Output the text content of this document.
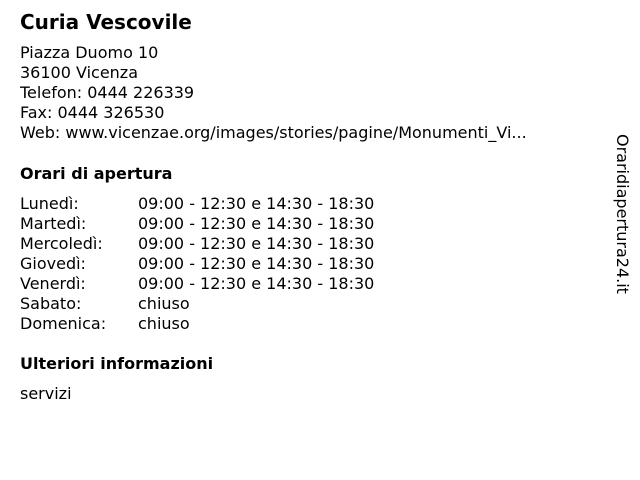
Curia Vescovile
Piazza Duomo 10
36100 Vicenza
Telefon: 0444 226339
Fax: 0444 326530
Web: www.vicenzae.org/images/stories/pagine/Monumenti_Vi...
Orari di apertura
Lunedì:	09:00 - 12:30 e 14:30 - 18:30
Martedì:	09:00 - 12:30 e 14:30 - 18:30
Mercoledì:	09:00 - 12:30 e 14:30 - 18:30
Giovedì:	09:00 - 12:30 e 14:30 - 18:30
Venerdì:	09:00 - 12:30 e 14:30 - 18:30
Sabato:	chiuso
Domenica:	chiuso
Ulteriori informazioni
servizi
Oraridiapertura24.it
